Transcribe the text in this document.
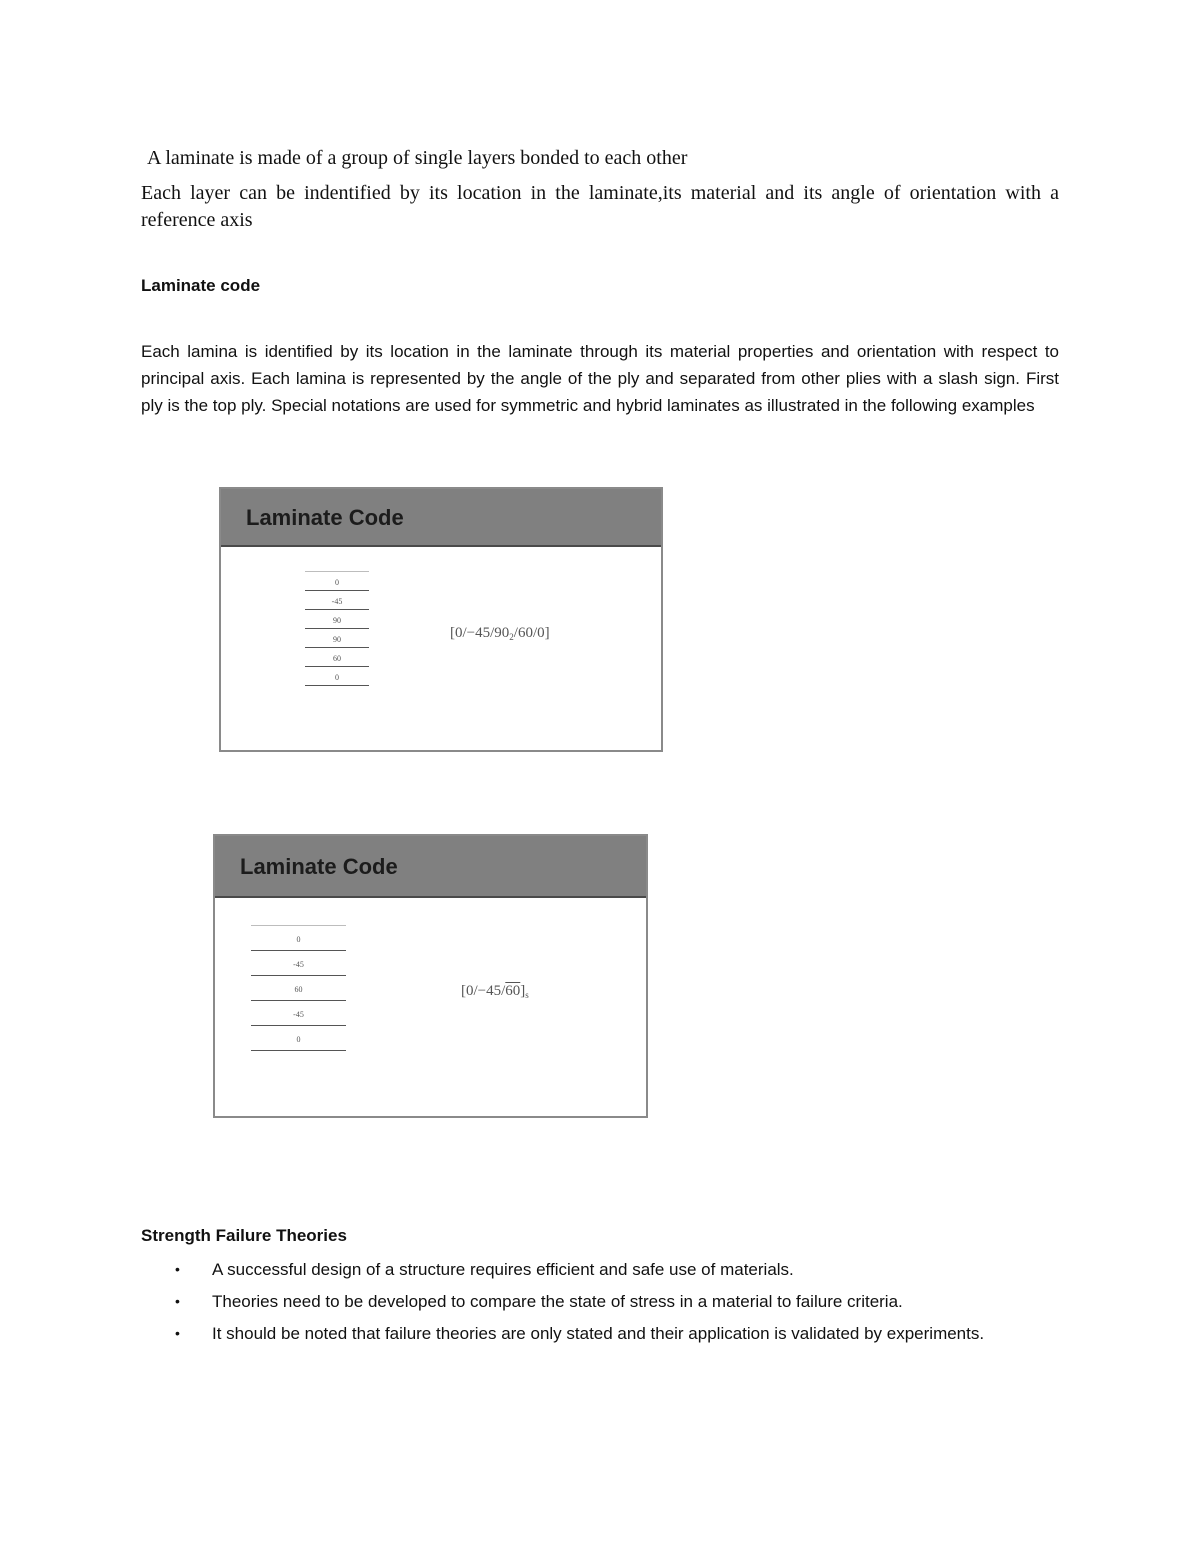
A laminate is made of a group of single layers bonded to each other
Each layer can be indentified by its location in the laminate,its material and its angle of orientation with a reference axis
Laminate code
Each lamina is identified by its location in the laminate through its material properties and orientation with respect to principal axis. Each lamina is represented by the angle of the ply and separated from other plies with a slash sign. First ply is the top ply. Special notations are used for symmetric and hybrid laminates as illustrated in the following examples
Laminate Code
0
-45
90
90
60
0
$[0/-45/90_2/60/0]$
Laminate Code
0
-45
60
-45
0
$[0/-45/60]_s$
Strength Failure Theories
• A successful design of a structure requires efficient and safe use of materials.
• Theories need to be developed to compare the state of stress in a material to failure criteria.
• It should be noted that failure theories are only stated and their application is validated by experiments.
